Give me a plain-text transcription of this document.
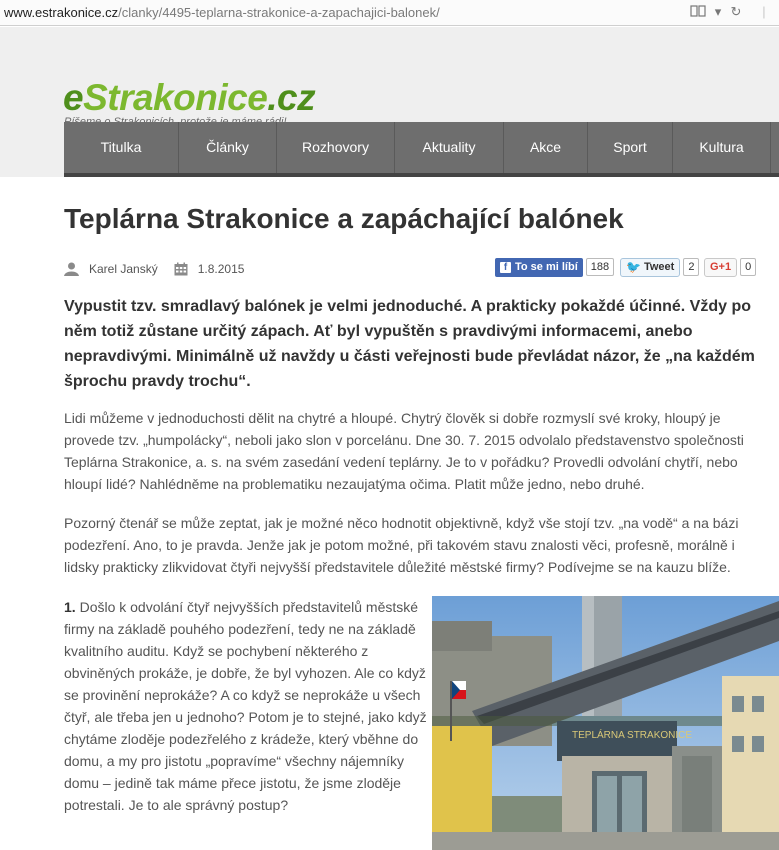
www.estrakonice.cz/clanky/4495-teplarna-strakonice-a-zapachajici-balonek/	▾ ↻	|
eStrakonice.cz
Titulka	Články	Rozhovory	Aktuality	Akce	Sport	Kultura
Teplárna Strakonice a zapáchající balónek
Karel Janský	1.8.2015	f To se mi líbí	188	🐦 Tweet	2	G+1	0

Vypustit tzv. smradlavý balónek je velmi jednoduché. A prakticky pokaždé účinné. Vždy po něm totiž zůstane určitý zápach. Ať byl vypuštěn s pravdivými informacemi, anebo nepravdivými. Minimálně už navždy u části veřejnosti bude převládat názor, že „na každém šprochu pravdy trochu“.

Lidi můžeme v jednoduchosti dělit na chytré a hloupé. Chytrý člověk si dobře rozmyslí své kroky, hloupý je provede tzv. „humpolácky“, neboli jako slon v porcelánu. Dne 30. 7. 2015 odvolalo představenstvo společnosti Teplárna Strakonice, a. s. na svém zasedání vedení teplárny. Je to v pořádku? Provedli odvolání chytří, nebo hloupí lidé? Nahlédněme na problematiku nezaujatýma očima. Platit může jedno, nebo druhé.

Pozorný čtenář se může zeptat, jak je možné něco hodnotit objektivně, když vše stojí tzv. „na vodě“ a na bázi podezření. Ano, to je pravda. Jenže jak je potom možné, při takovém stavu znalosti věci, profesně, morálně i lidsky prakticky zlikvidovat čtyři nejvyšší představitele důležité městské firmy? Podívejme se na kauzu blíže.

1. Došlo k odvolání čtyř nejvyšších představitelů městské firmy na základě pouhého podezření, tedy ne na základě kvalitního auditu. Když se pochybení některého z obviněných prokáže, je dobře, že byl vyhozen. Ale co když se provinění neprokáže? A co když se neprokáže u všech čtyř, ale třeba jen u jednoho? Potom je to stejné, jako když chytáme zloděje podezřelého z krádeže, který vběhne do domu, a my pro jistotu „popravíme“ všechny nájemníky domu – jedině tak máme přece jistotu, že jsme zloděje potrestali. Je to ale správný postup?

TEPLÁRNA STRAKONICE
